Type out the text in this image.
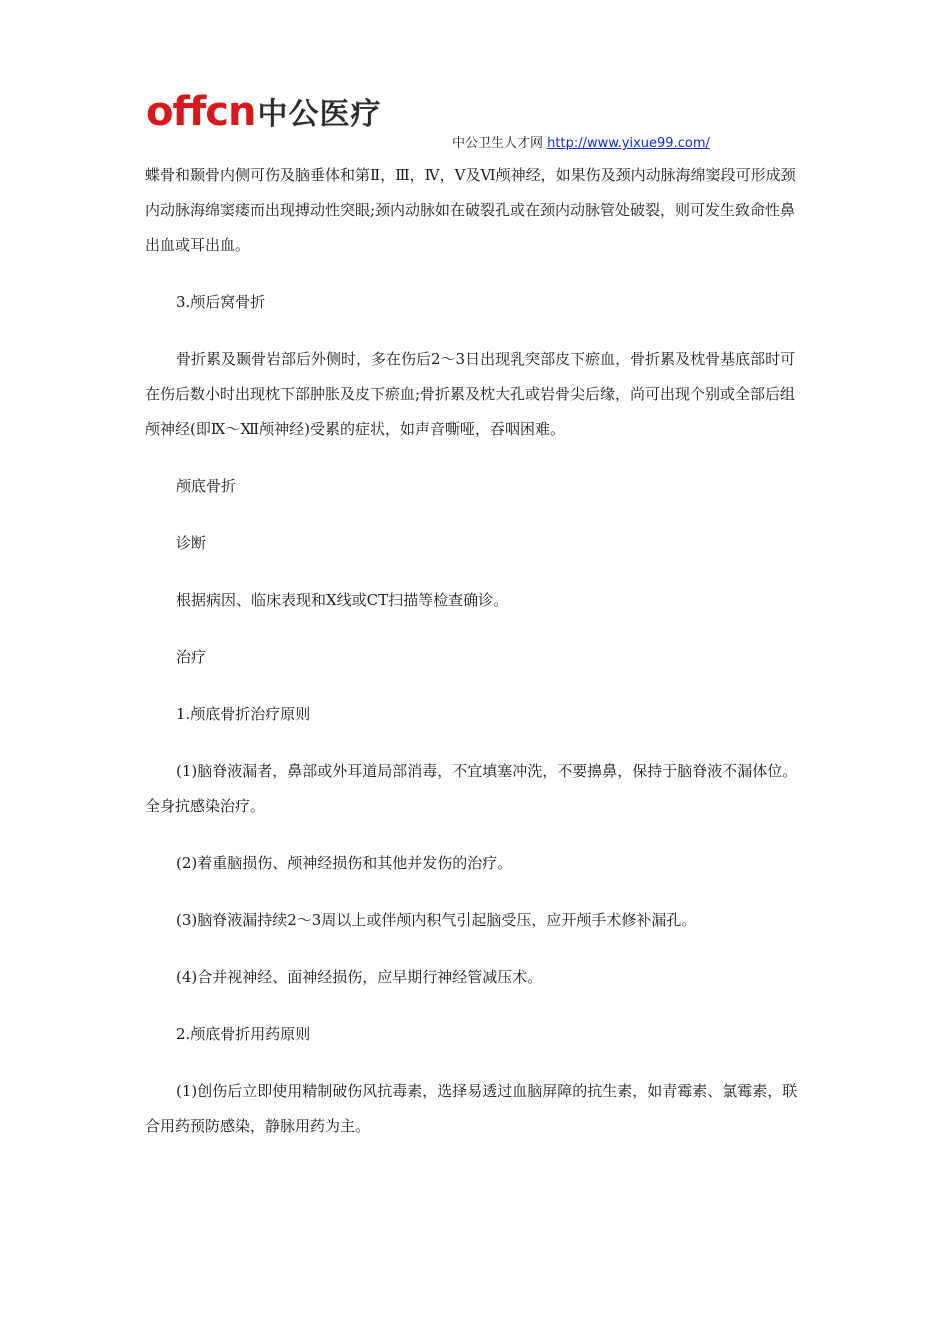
offcn 中公医疗
中公卫生人才网 http://www.yixue99.com/

蝶骨和颞骨内侧可伤及脑垂体和第Ⅱ，Ⅲ，Ⅳ，Ⅴ及Ⅵ颅神经，如果伤及颈内动脉海绵窦段可形成颈内动脉海绵窦瘘而出现搏动性突眼;颈内动脉如在破裂孔或在颈内动脉管处破裂，则可发生致命性鼻出血或耳出血。

3.颅后窝骨折

骨折累及颞骨岩部后外侧时，多在伤后2～3日出现乳突部皮下瘀血，骨折累及枕骨基底部时可在伤后数小时出现枕下部肿胀及皮下瘀血;骨折累及枕大孔或岩骨尖后缘，尚可出现个别或全部后组颅神经(即Ⅸ～Ⅻ颅神经)受累的症状，如声音嘶哑，吞咽困难。

颅底骨折

诊断

根据病因、临床表现和X线或CT扫描等检查确诊。

治疗

1.颅底骨折治疗原则

(1)脑脊液漏者，鼻部或外耳道局部消毒，不宜填塞冲洗，不要擤鼻，保持于脑脊液不漏体位。全身抗感染治疗。

(2)着重脑损伤、颅神经损伤和其他并发伤的治疗。

(3)脑脊液漏持续2～3周以上或伴颅内积气引起脑受压，应开颅手术修补漏孔。

(4)合并视神经、面神经损伤，应早期行神经管减压术。

2.颅底骨折用药原则

(1)创伤后立即使用精制破伤风抗毒素，选择易透过血脑屏障的抗生素，如青霉素、氯霉素，联合用药预防感染，静脉用药为主。
